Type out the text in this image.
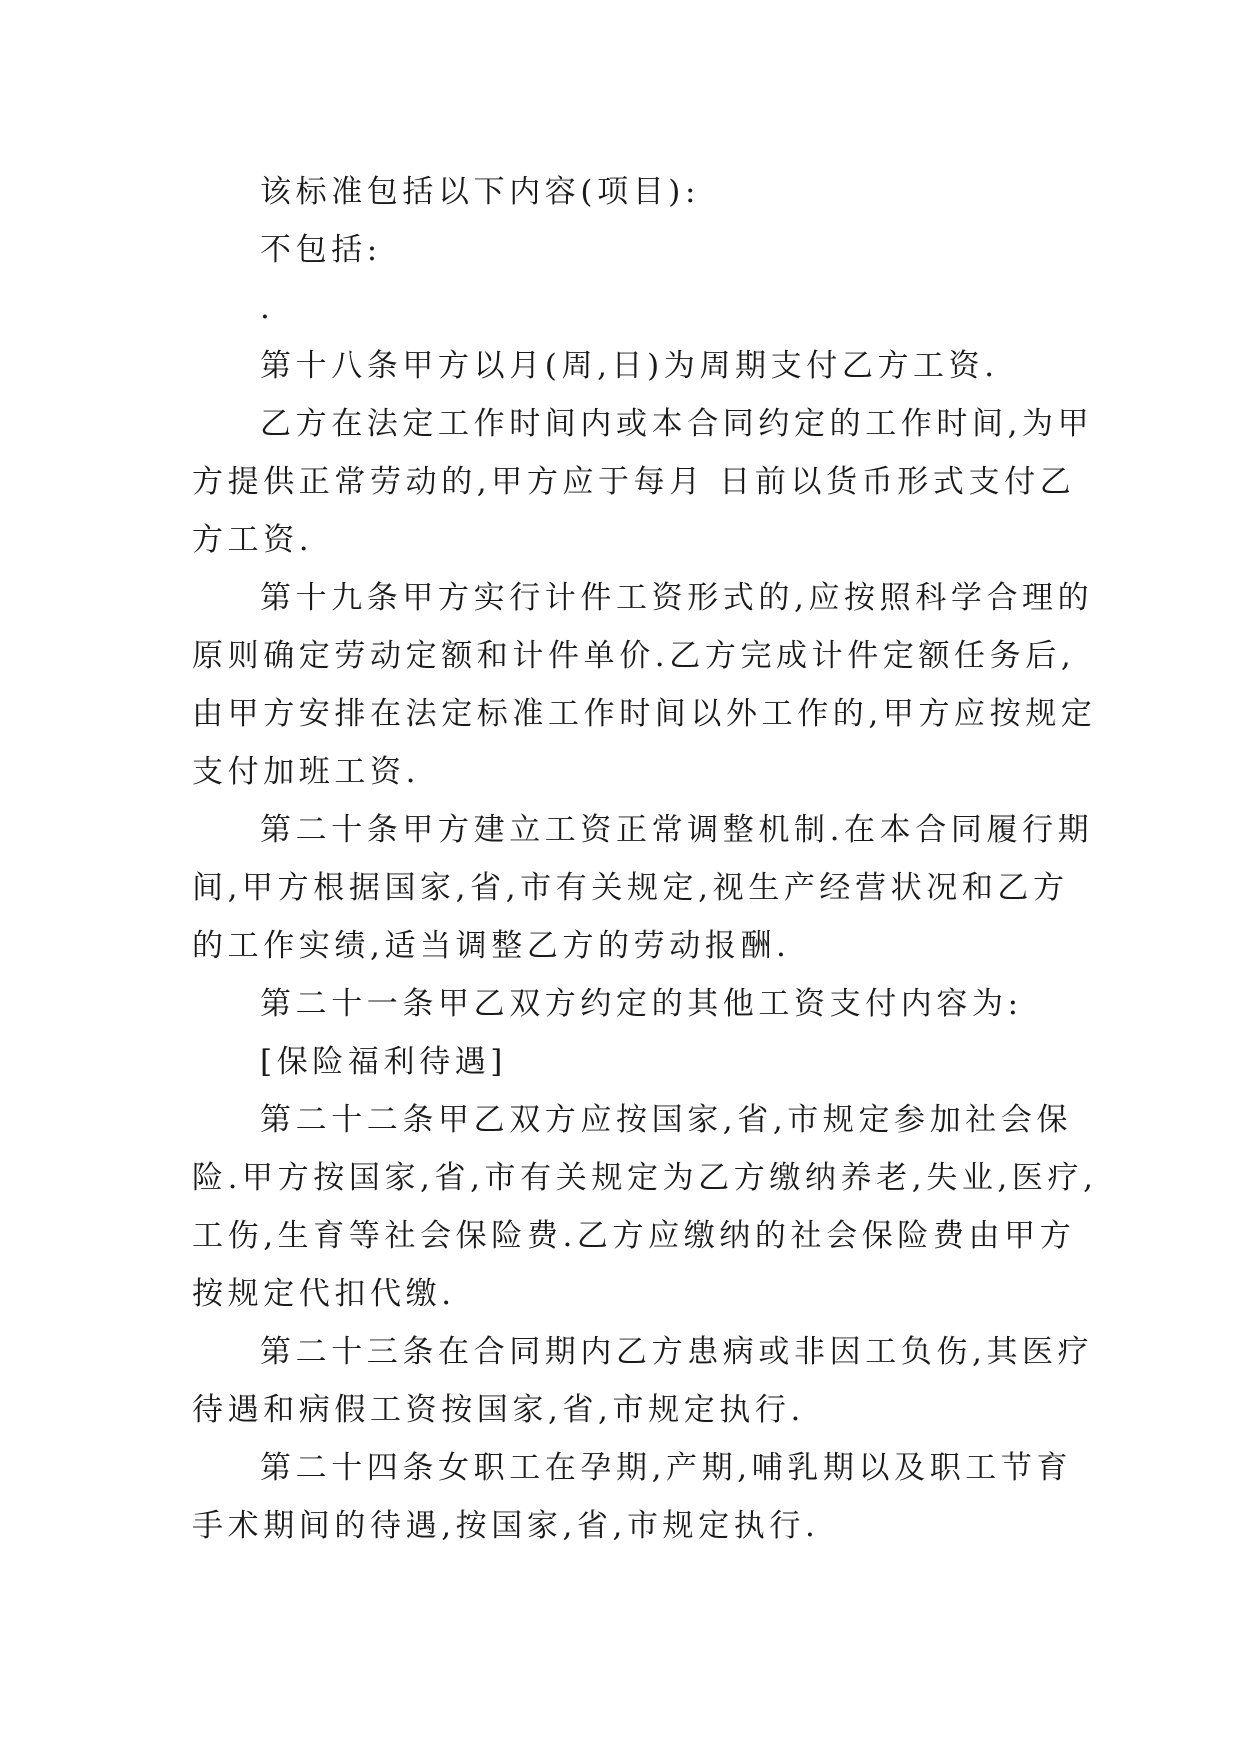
该标准包括以下内容(项目):
不包括:
.
第十八条甲方以月(周,日)为周期支付乙方工资.
乙方在法定工作时间内或本合同约定的工作时间,为甲
方提供正常劳动的,甲方应于每月 日前以货币形式支付乙
方工资.
第十九条甲方实行计件工资形式的,应按照科学合理的
原则确定劳动定额和计件单价.乙方完成计件定额任务后,
由甲方安排在法定标准工作时间以外工作的,甲方应按规定
支付加班工资.
第二十条甲方建立工资正常调整机制.在本合同履行期
间,甲方根据国家,省,市有关规定,视生产经营状况和乙方
的工作实绩,适当调整乙方的劳动报酬.
第二十一条甲乙双方约定的其他工资支付内容为:
[保险福利待遇]
第二十二条甲乙双方应按国家,省,市规定参加社会保
险.甲方按国家,省,市有关规定为乙方缴纳养老,失业,医疗,
工伤,生育等社会保险费.乙方应缴纳的社会保险费由甲方
按规定代扣代缴.
第二十三条在合同期内乙方患病或非因工负伤,其医疗
待遇和病假工资按国家,省,市规定执行.
第二十四条女职工在孕期,产期,哺乳期以及职工节育
手术期间的待遇,按国家,省,市规定执行.
